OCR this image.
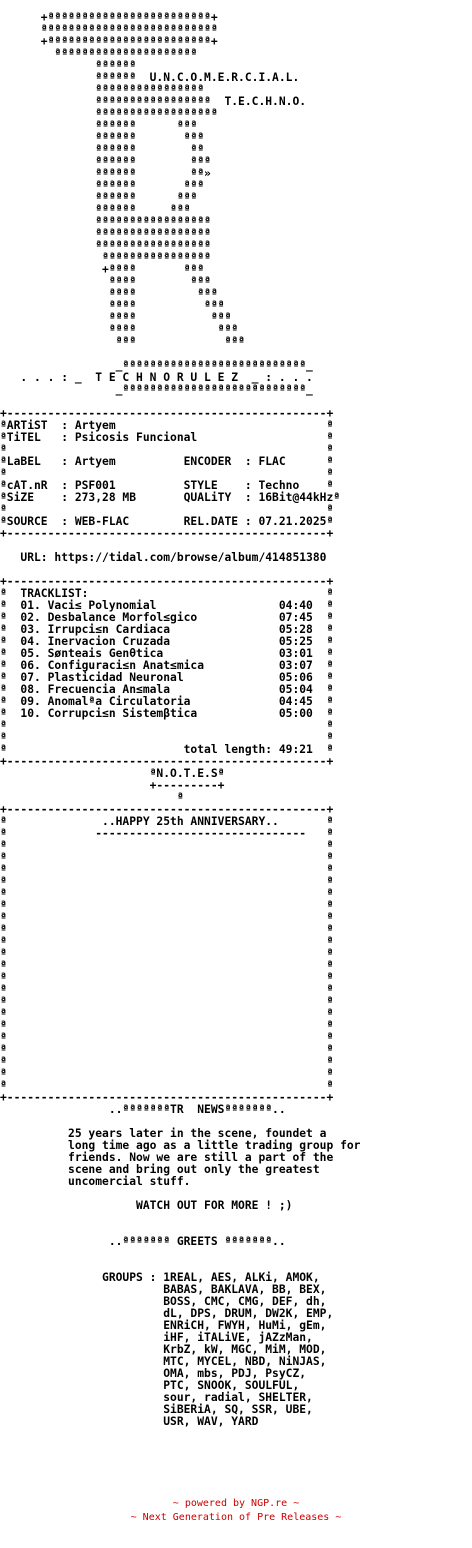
+ªªªªªªªªªªªªªªªªªªªªªªªª+
ªªªªªªªªªªªªªªªªªªªªªªªªªª
+ªªªªªªªªªªªªªªªªªªªªªªªª+
ªªªªªªªªªªªªªªªªªªªªª
ªªªªªª
ªªªªªª  U.N.C.O.M.E.R.C.I.A.L.
ªªªªªªªªªªªªªªªª
ªªªªªªªªªªªªªªªªª  T.E.C.H.N.O.
ªªªªªªªªªªªªªªªªªª
ªªªªªª      ªªª
ªªªªªª       ªªª
ªªªªªª        ªª
ªªªªªª        ªªª
ªªªªªª        ªª»
ªªªªªª       ªªª
ªªªªªª      ªªª
ªªªªªª     ªªª
ªªªªªªªªªªªªªªªªª
ªªªªªªªªªªªªªªªªª
ªªªªªªªªªªªªªªªªª
ªªªªªªªªªªªªªªªª
+ªªªª       ªªª
ªªªª        ªªª
ªªªª         ªªª
ªªªª          ªªª
ªªªª           ªªª
ªªªª            ªªª
ªªª             ªªª
_ªªªªªªªªªªªªªªªªªªªªªªªªªªª_
. . . : _  T E C H N O R U L E Z  _ : . . .
_ªªªªªªªªªªªªªªªªªªªªªªªªªªª_
+-----------------------------------------------+
ªARTiST  : Artyem                               ª
ªTiTEL   : Psicosis Funcional                   ª
ª                                               ª
ªLaBEL   : Artyem          ENCODER  : FLAC      ª
ª                                               ª
ªcAT.nR  : PSF001          STYLE    : Techno    ª
ªSiZE    : 273,28 MB       QUALiTY  : 16Bit@44kHzª
ª                                               ª
ªSOURCE  : WEB-FLAC        REL.DATE : 07.21.2025ª
+-----------------------------------------------+
URL: https://tidal.com/browse/album/414851380
+-----------------------------------------------+
ª  TRACKLIST:                                   ª
ª  01. Vaci≤ Polynomial                  04:40  ª
ª  02. Desbalance Morfol≤gico            07:45  ª
ª  03. Irrupci≤n Cardiaca                05:28  ª
ª  04. Inervacion Cruzada                05:25  ª
ª  05. Sønteais Genθtica                 03:01  ª
ª  06. Configuraci≤n Anat≤mica           03:07  ª
ª  07. Plasticidad Neuronal              05:06  ª
ª  08. Frecuencia An≤mala                05:04  ª
ª  09. Anomalªa Circulatoria             04:45  ª
ª  10. Corrupci≤n Sistemβtica            05:00  ª
ª                                               ª
ª                                               ª
ª                          total length: 49:21  ª
+-----------------------------------------------+
ªN.O.T.E.Sª
+---------+
ª
+-----------------------------------------------+
ª              ..HAPPY 25th ANNIVERSARY..       ª
ª             -------------------------------   ª
ª                                               ª
ª                                               ª
ª                                               ª
ª                                               ª
ª                                               ª
ª                                               ª
ª                                               ª
ª                                               ª
ª                                               ª
ª                                               ª
ª                                               ª
ª                                               ª
ª                                               ª
ª                                               ª
ª                                               ª
ª                                               ª
ª                                               ª
ª                                               ª
ª                                               ª
ª                                               ª
ª                                               ª
+-----------------------------------------------+
..ªªªªªªªTR  NEWSªªªªªªª..
25 years later in the scene, foundet a
long time ago as a little trading group for
friends. Now we are still a part of the
scene and bring out only the greatest
uncomercial stuff.
WATCH OUT FOR MORE ! ;)
..ªªªªªªª GREETS ªªªªªªª..
GROUPS : 1REAL, AES, ALKi, AMOK,
BABAS, BAKLAVA, BB, BEX,
BOSS, CMC, CMG, DEF, dh,
dL, DPS, DRUM, DW2K, EMP,
ENRiCH, FWYH, HuMi, gEm,
iHF, iTALiVE, jAZzMan,
KrbZ, kW, MGC, MiM, MOD,
MTC, MYCEL, NBD, NiNJAS,
OMA, mbs, PDJ, PsyCZ,
PTC, SNOOK, SOULFUL,
sour, radial, SHELTER,
SiBERiA, SQ, SSR, UBE,
USR, WAV, YARD
~ powered by NGP.re ~
~ Next Generation of Pre Releases ~
